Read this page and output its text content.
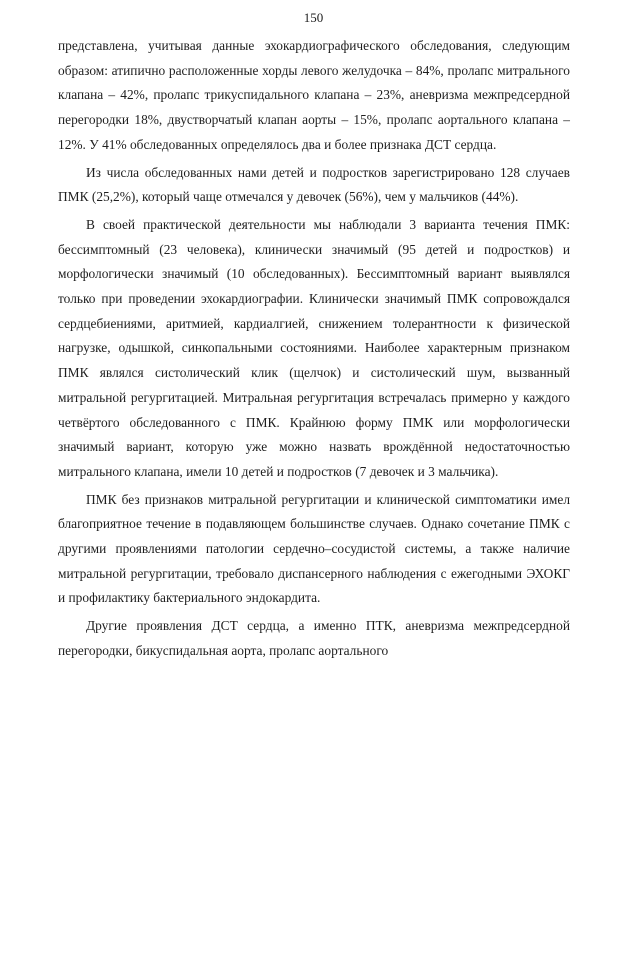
150

представлена, учитывая данные эхокардиографического обследования, следующим образом: атипично расположенные хорды левого желудочка – 84%, пролапс митрального клапана – 42%, пролапс трикуспидального клапана – 23%, аневризма межпредсердной перегородки 18%, двустворчатый клапан аорты – 15%, пролапс аортального клапана – 12%. У 41% обследованных определялось два и более признака ДСТ сердца.

Из числа обследованных нами детей и подростков зарегистрировано 128 случаев ПМК (25,2%), который чаще отмечался у девочек (56%), чем у мальчиков (44%).

В своей практической деятельности мы наблюдали 3 варианта течения ПМК: бессимптомный (23 человека), клинически значимый (95 детей и подростков) и морфологически значимый (10 обследованных). Бессимптомный вариант выявлялся только при проведении эхокардиографии. Клинически значимый ПМК сопровождался сердцебиениями, аритмией, кардиалгией, снижением толерантности к физической нагрузке, одышкой, синкопальными состояниями. Наиболее характерным признаком ПМК являлся систолический клик (щелчок) и систолический шум, вызванный митральной регургитацией. Митральная регургитация встречалась примерно у каждого четвёртого обследованного с ПМК. Крайнюю форму ПМК или морфологически значимый вариант, которую уже можно назвать врождённой недостаточностью митрального клапана, имели 10 детей и подростков (7 девочек и 3 мальчика).

ПМК без признаков митральной регургитации и клинической симптоматики имел благоприятное течение в подавляющем большинстве случаев. Однако сочетание ПМК с другими проявлениями патологии сердечно–сосудистой системы, а также наличие митральной регургитации, требовало диспансерного наблюдения с ежегодными ЭХОКГ и профилактику бактериального эндокардита.

Другие проявления ДСТ сердца, а именно ПТК, аневризма межпредсердной перегородки, бикуспидальная аорта, пролапс аортального
